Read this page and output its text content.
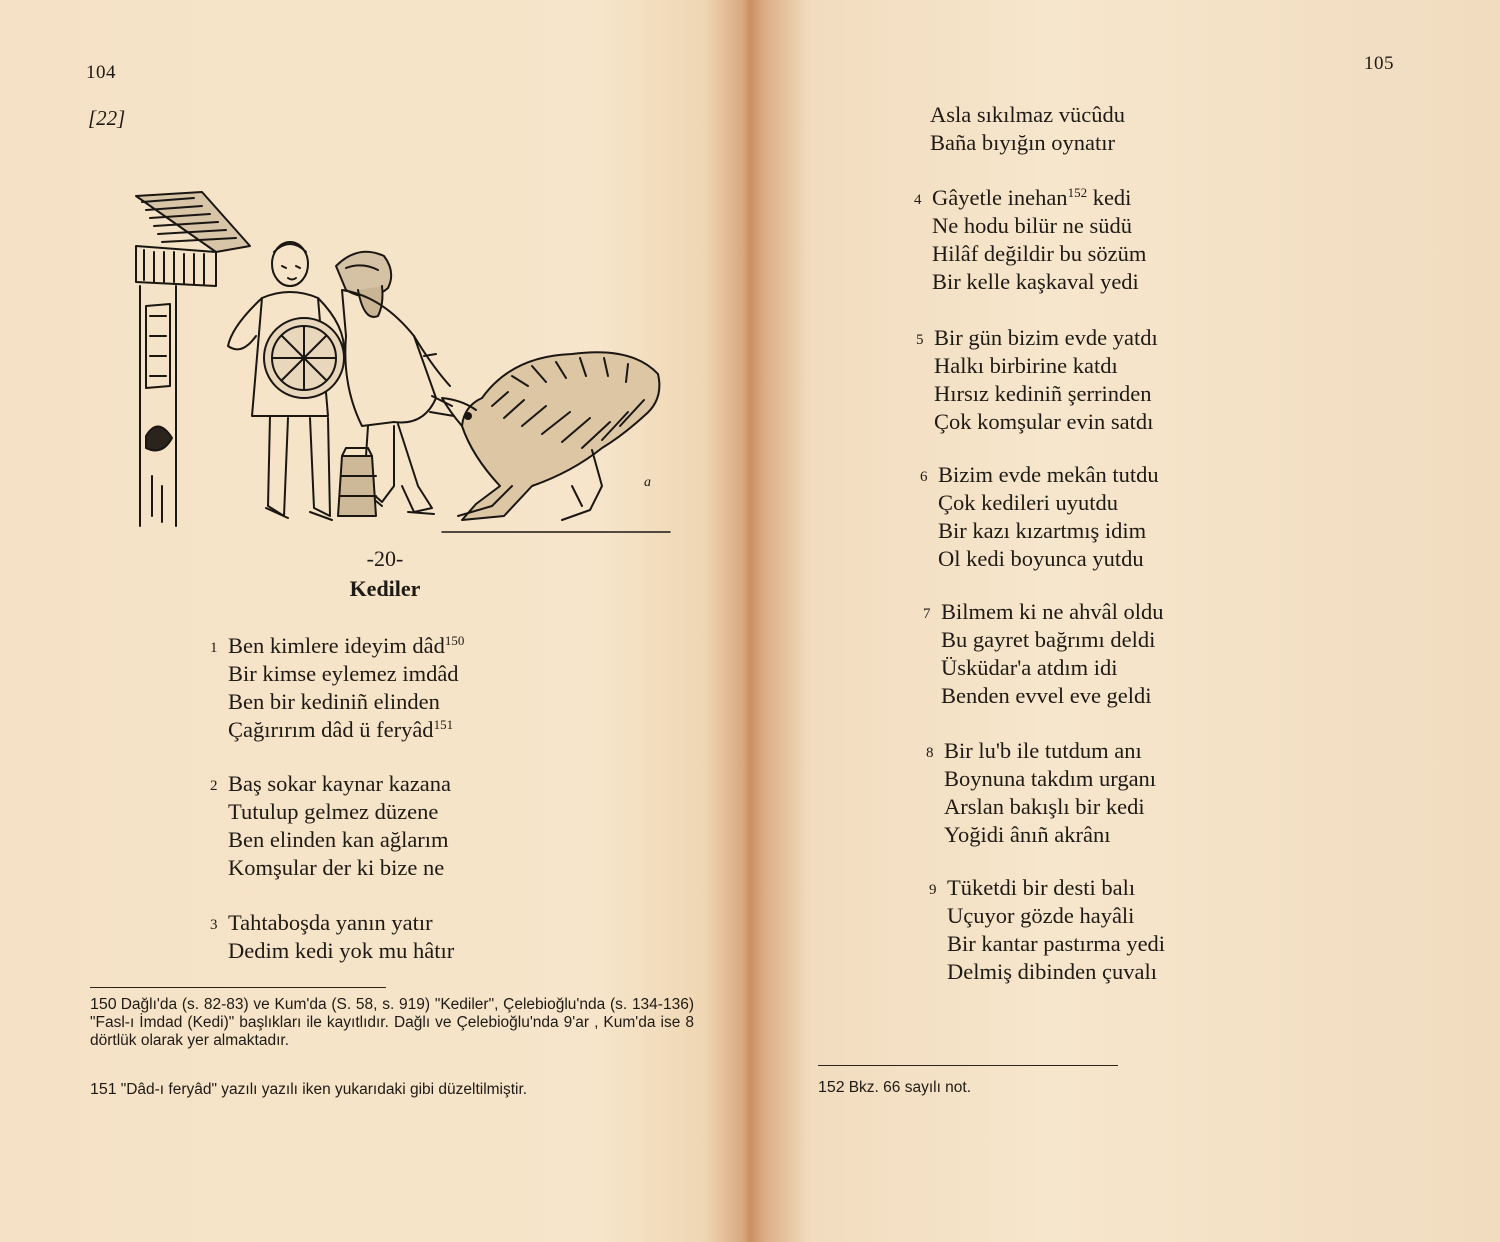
104
[22]
a
-20-
Kediler
1 Ben kimlere ideyim dâd$^{150}$
Bir kimse eylemez imdâd
Ben bir kediniñ elinden
Çağırırım dâd ü feryâd$^{151}$
2 Baş sokar kaynar kazana
Tutulup gelmez düzene
Ben elinden kan ağlarım
Komşular der ki bize ne
3 Tahtaboşda yanın yatır
Dedim kedi yok mu hâtır
150 Dağlı'da (s. 82-83) ve Kum'da (S. 58, s. 919) "Kediler", Çelebioğlu'nda (s. 134-136) "Fasl-ı İmdad (Kedi)" başlıkları ile kayıtlıdır. Dağlı ve Çelebioğlu'nda 9'ar , Kum'da ise 8 dörtlük olarak yer almaktadır.
151 "Dâd-ı feryâd" yazılı yazılı iken yukarıdaki gibi düzeltilmiştir.
105
Asla sıkılmaz vücûdu
Baña bıyığın oynatır
4 Gâyetle inehan$^{152}$ kedi
Ne hodu bilür ne südü
Hilâf değildir bu sözüm
Bir kelle kaşkaval yedi
5 Bir gün bizim evde yatdı
Halkı birbirine katdı
Hırsız kediniñ şerrinden
Çok komşular evin satdı
6 Bizim evde mekân tutdu
Çok kedileri uyutdu
Bir kazı kızartmış idim
Ol kedi boyunca yutdu
7 Bilmem ki ne ahvâl oldu
Bu gayret bağrımı deldi
Üsküdar'a atdım idi
Benden evvel eve geldi
8 Bir lu'b ile tutdum anı
Boynuna takdım urganı
Arslan bakışlı bir kedi
Yoğidi ânıñ akrânı
9 Tüketdi bir desti balı
Uçuyor gözde hayâli
Bir kantar pastırma yedi
Delmiş dibinden çuvalı
152 Bkz. 66 sayılı not.
